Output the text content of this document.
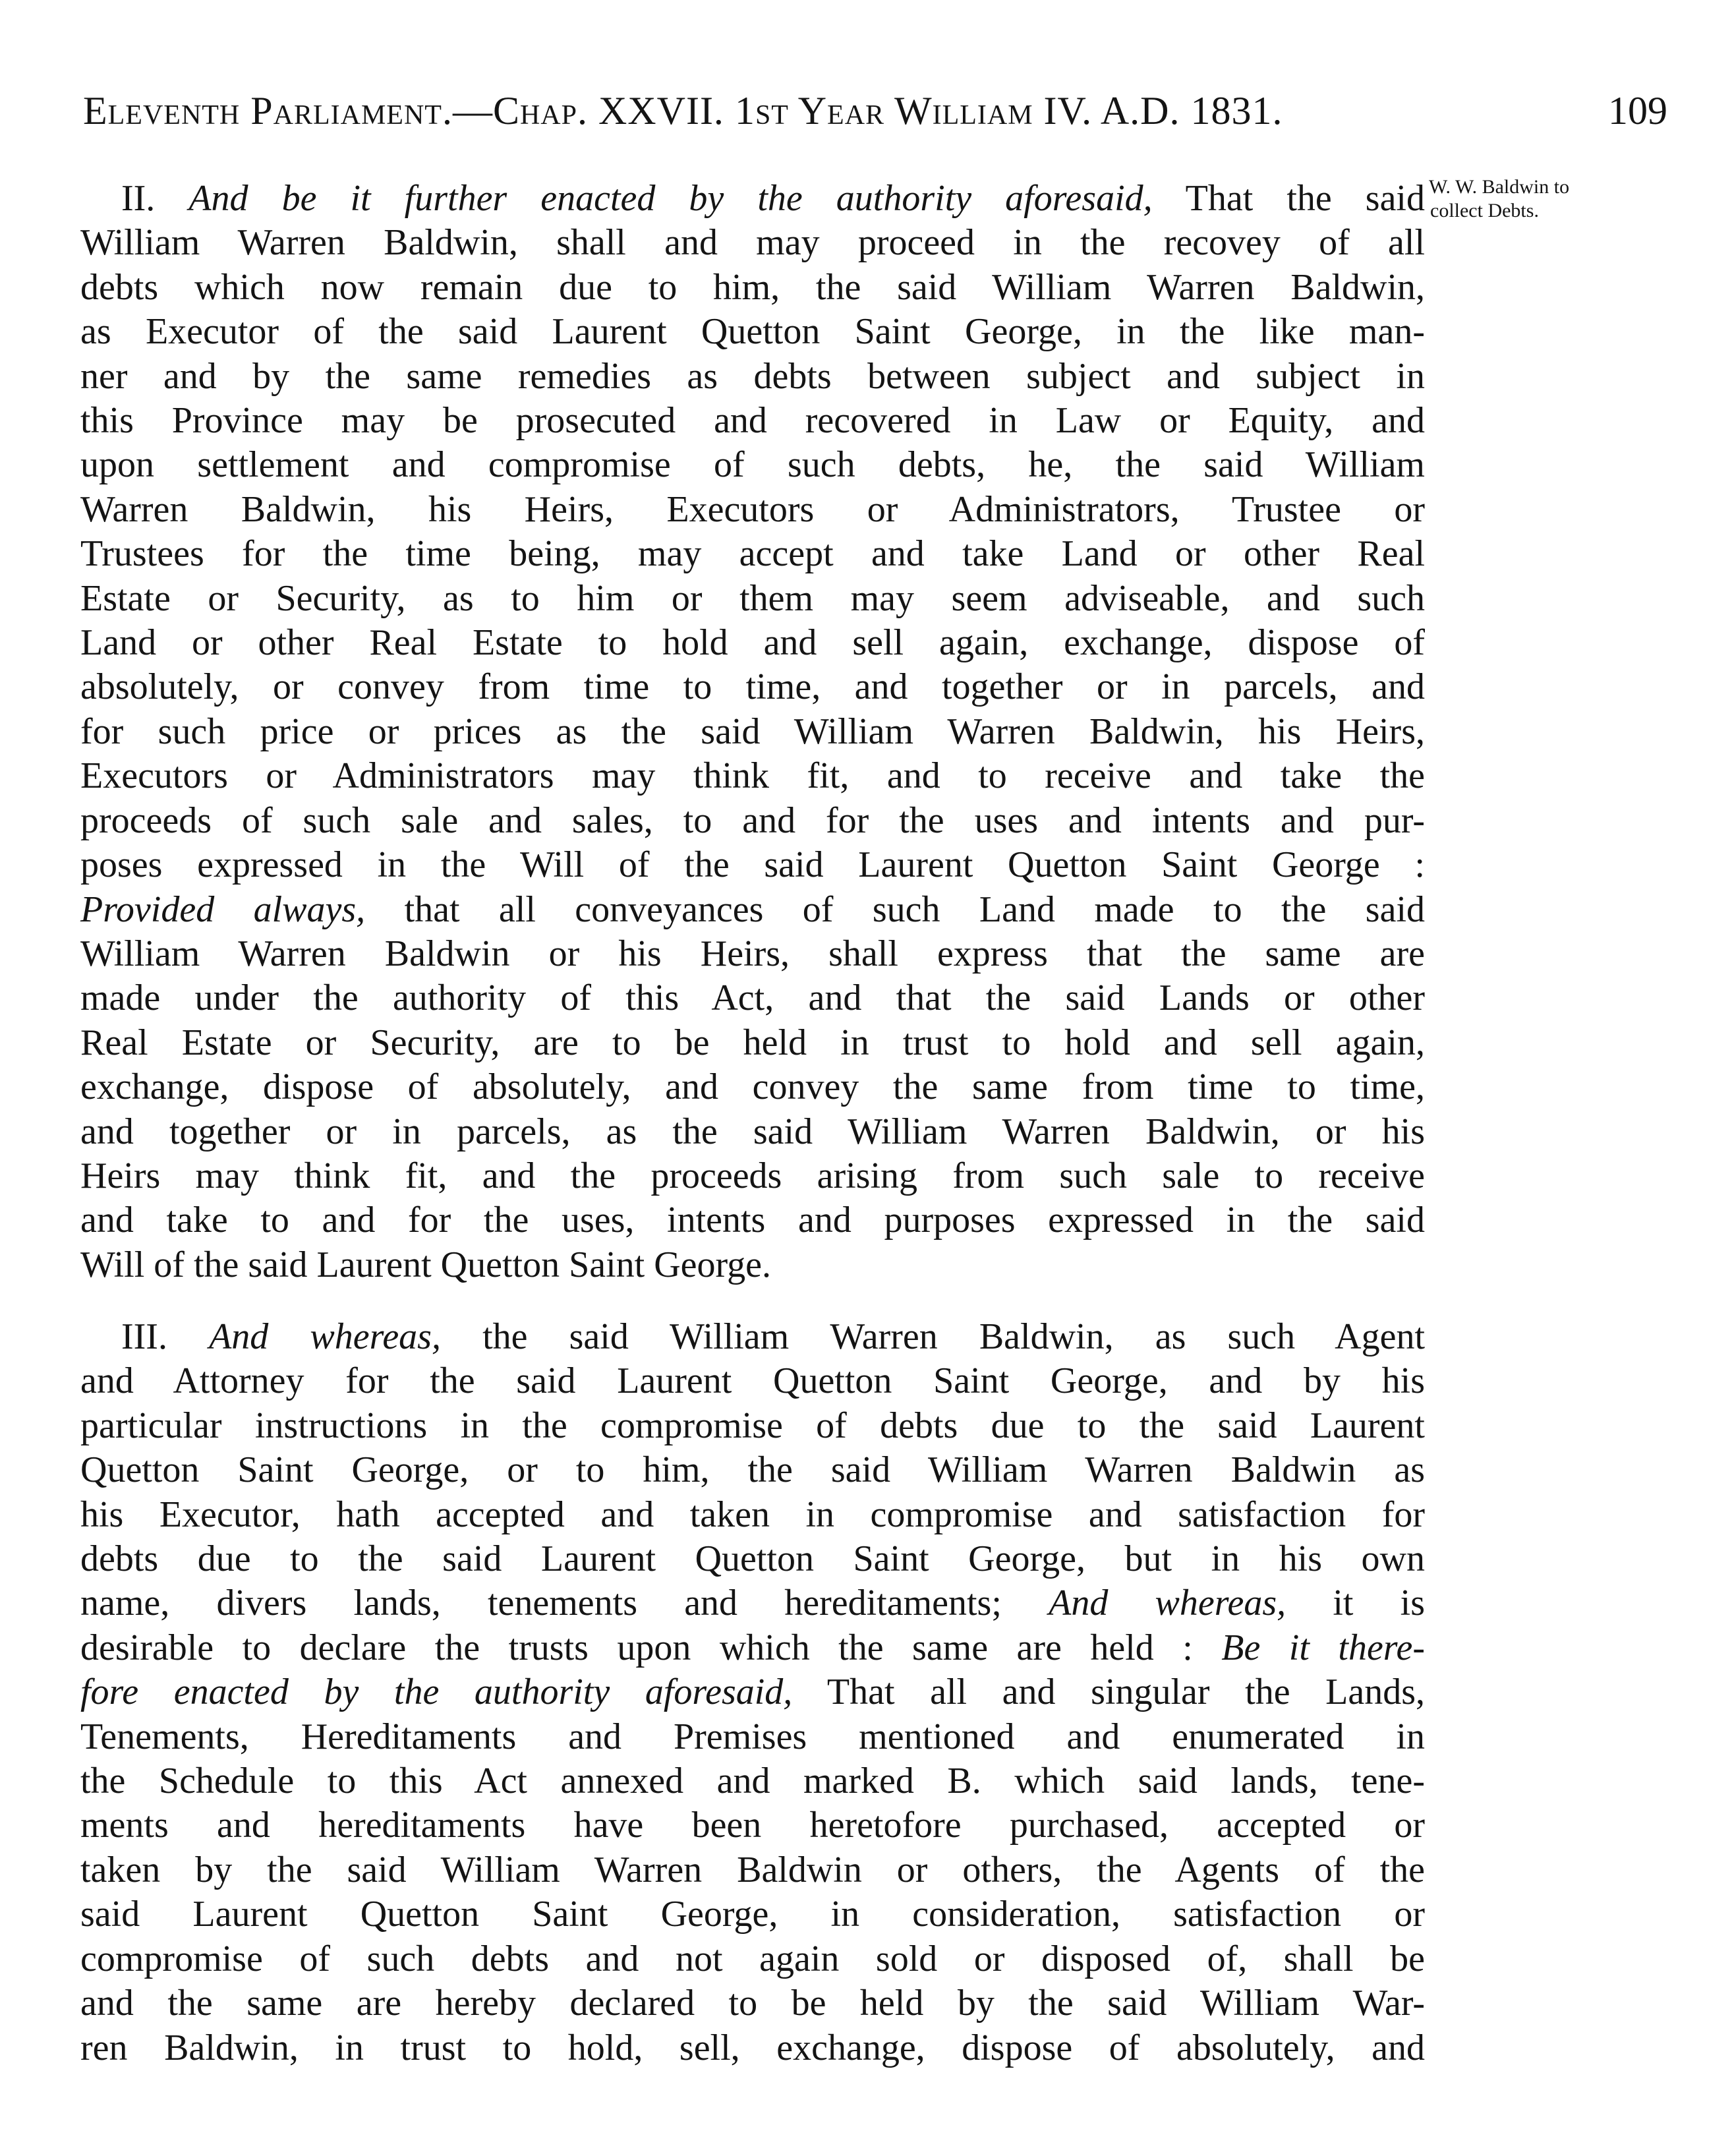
Eleventh Parliament.—Chap. XXVII. 1st Year William IV. A.D. 1831.	109
W. W. Baldwin to
collect Debts.
II. And be it further enacted by the authority aforesaid, That the said
William Warren Baldwin, shall and may proceed in the recovey of all
debts which now remain due to him, the said William Warren Baldwin,
as Executor of the said Laurent Quetton Saint George, in the like man-
ner and by the same remedies as debts between subject and subject in
this Province may be prosecuted and recovered in Law or Equity, and
upon settlement and compromise of such debts, he, the said William
Warren Baldwin, his Heirs, Executors or Administrators, Trustee or
Trustees for the time being, may accept and take Land or other Real
Estate or Security, as to him or them may seem adviseable, and such
Land or other Real Estate to hold and sell again, exchange, dispose of
absolutely, or convey from time to time, and together or in parcels, and
for such price or prices as the said William Warren Baldwin, his Heirs,
Executors or Administrators may think fit, and to receive and take the
proceeds of such sale and sales, to and for the uses and intents and pur-
poses expressed in the Will of the said Laurent Quetton Saint George :
Provided always, that all conveyances of such Land made to the said
William Warren Baldwin or his Heirs, shall express that the same are
made under the authority of this Act, and that the said Lands or other
Real Estate or Security, are to be held in trust to hold and sell again,
exchange, dispose of absolutely, and convey the same from time to time,
and together or in parcels, as the said William Warren Baldwin, or his
Heirs may think fit, and the proceeds arising from such sale to receive
and take to and for the uses, intents and purposes expressed in the said
Will of the said Laurent Quetton Saint George.
III. And whereas, the said William Warren Baldwin, as such Agent
and Attorney for the said Laurent Quetton Saint George, and by his
particular instructions in the compromise of debts due to the said Laurent
Quetton Saint George, or to him, the said William Warren Baldwin as
his Executor, hath accepted and taken in compromise and satisfaction for
debts due to the said Laurent Quetton Saint George, but in his own
name, divers lands, tenements and hereditaments; And whereas, it is
desirable to declare the trusts upon which the same are held : Be it there-
fore enacted by the authority aforesaid, That all and singular the Lands,
Tenements, Hereditaments and Premises mentioned and enumerated in
the Schedule to this Act annexed and marked B. which said lands, tene-
ments and hereditaments have been heretofore purchased, accepted or
taken by the said William Warren Baldwin or others, the Agents of the
said Laurent Quetton Saint George, in consideration, satisfaction or
compromise of such debts and not again sold or disposed of, shall be
and the same are hereby declared to be held by the said William War-
ren Baldwin, in trust to hold, sell, exchange, dispose of absolutely, and
